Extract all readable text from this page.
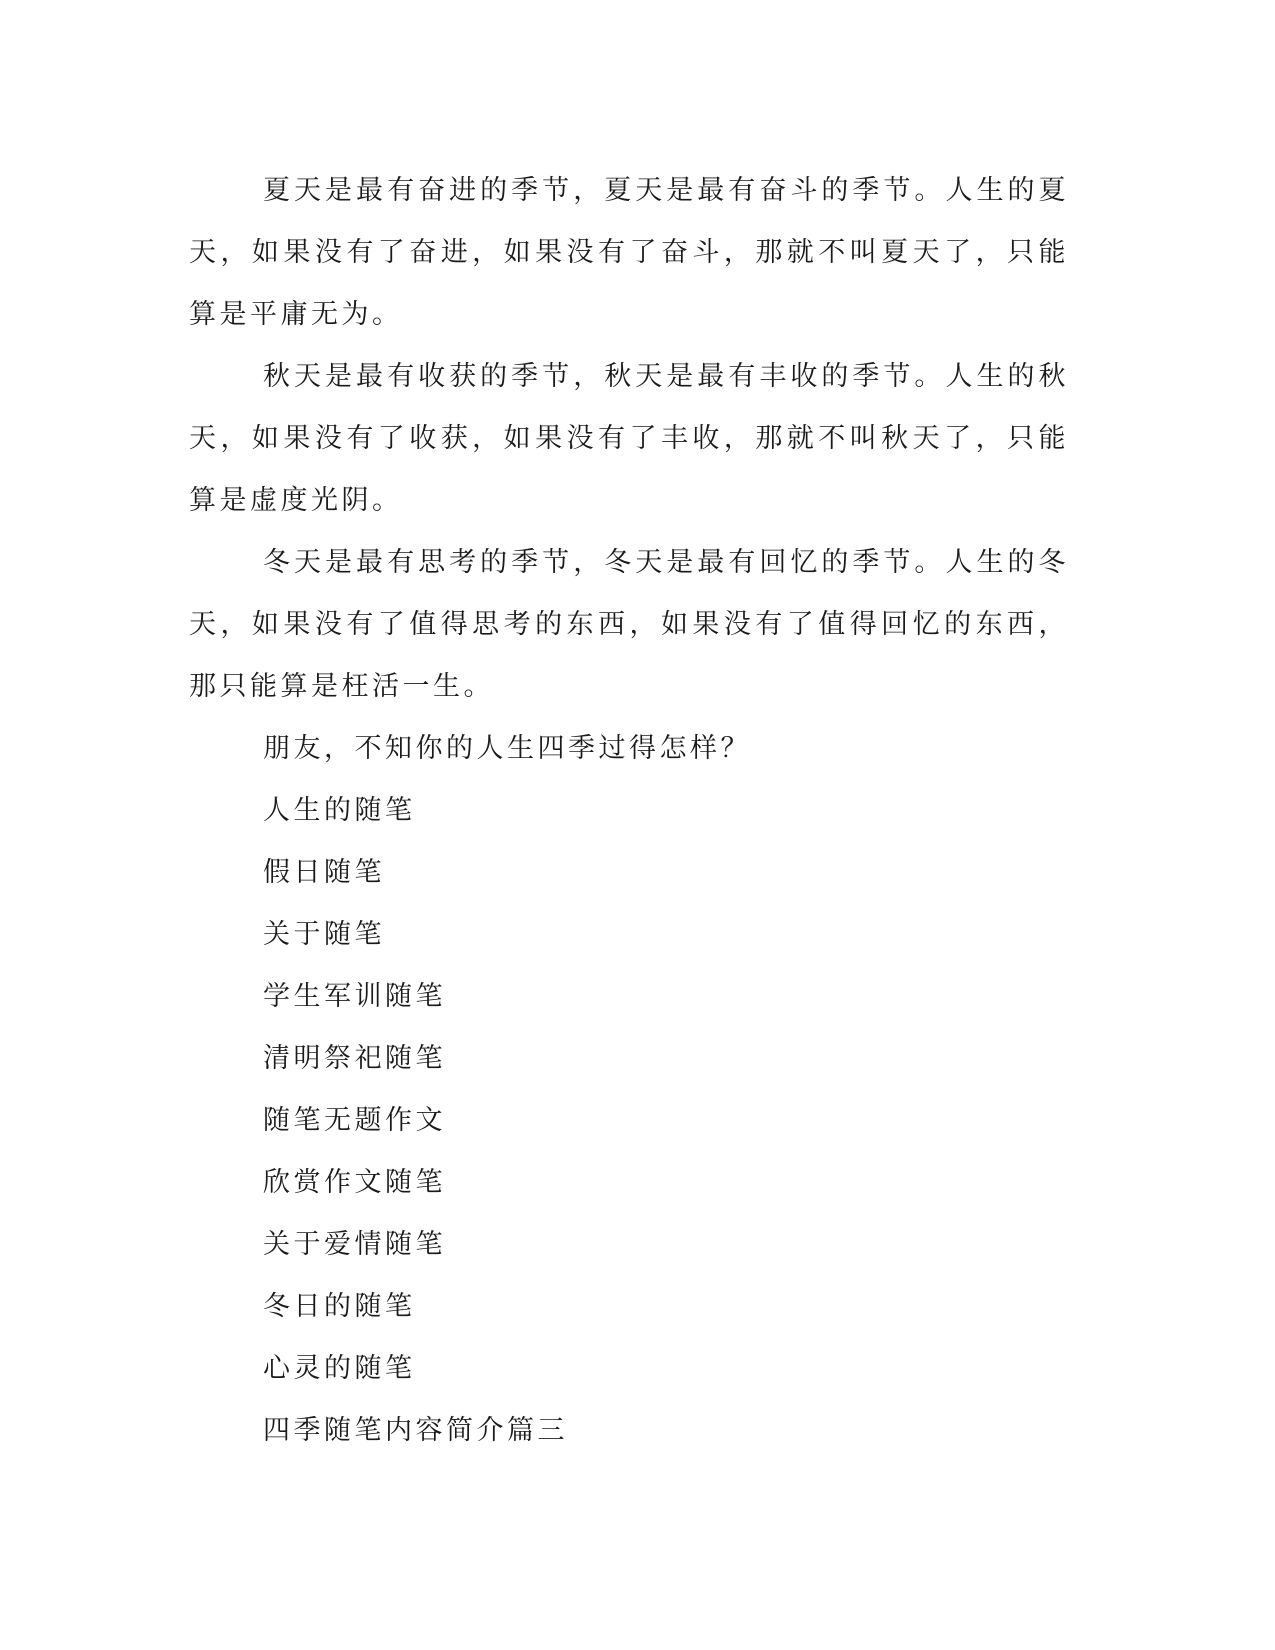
夏天是最有奋进的季节，夏天是最有奋斗的季节。人生的夏天，如果没有了奋进，如果没有了奋斗，那就不叫夏天了，只能算是平庸无为。

秋天是最有收获的季节，秋天是最有丰收的季节。人生的秋天，如果没有了收获，如果没有了丰收，那就不叫秋天了，只能算是虚度光阴。

冬天是最有思考的季节，冬天是最有回忆的季节。人生的冬天，如果没有了值得思考的东西，如果没有了值得回忆的东西，那只能算是枉活一生。

朋友，不知你的人生四季过得怎样？

人生的随笔

假日随笔

关于随笔

学生军训随笔

清明祭祀随笔

随笔无题作文

欣赏作文随笔

关于爱情随笔

冬日的随笔

心灵的随笔

四季随笔内容简介篇三
